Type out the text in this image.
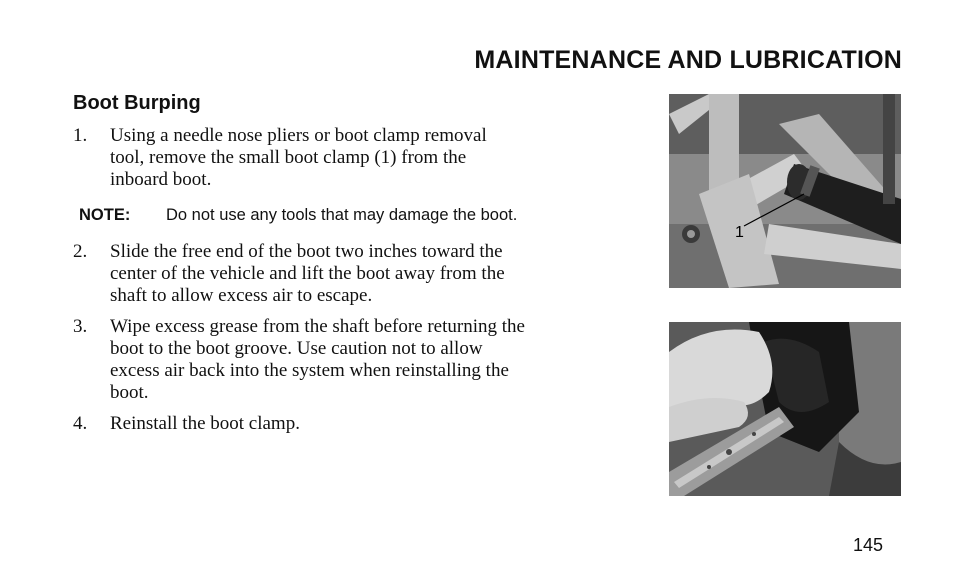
MAINTENANCE AND LUBRICATION
Boot Burping
1. Using a needle nose pliers or boot clamp removal
tool, remove the small boot clamp (1) from the
inboard boot.
NOTE: Do not use any tools that may damage the boot.
2. Slide the free end of the boot two inches toward the
center of the vehicle and lift the boot away from the
shaft to allow excess air to escape.
3. Wipe excess grease from the shaft before returning the
boot to the boot groove. Use caution not to allow
excess air back into the system when reinstalling the
boot.
4. Reinstall the boot clamp.
1
145
